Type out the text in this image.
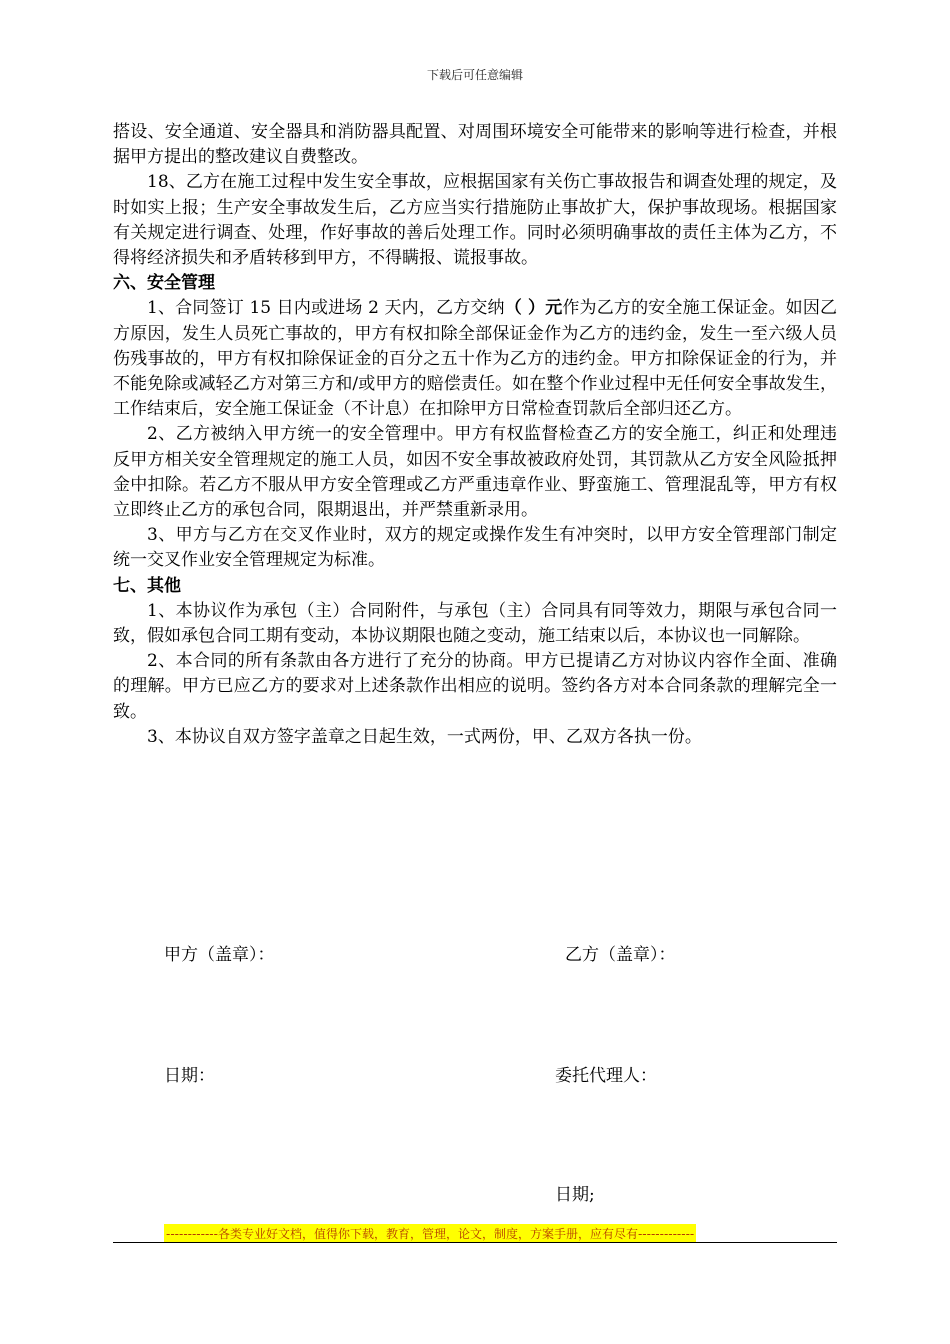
下载后可任意编辑

搭设、安全通道、安全器具和消防器具配置、对周围环境安全可能带来的影响等进行检查，并根据甲方提出的整改建议自费整改。

18、乙方在施工过程中发生安全事故，应根据国家有关伤亡事故报告和调查处理的规定，及时如实上报；生产安全事故发生后，乙方应当实行措施防止事故扩大，保护事故现场。根据国家有关规定进行调查、处理，作好事故的善后处理工作。同时必须明确事故的责任主体为乙方，不得将经济损失和矛盾转移到甲方，不得瞒报、谎报事故。

六、安全管理

1、合同签订 15 日内或进场 2 天内，乙方交纳（ ）元作为乙方的安全施工保证金。如因乙方原因，发生人员死亡事故的，甲方有权扣除全部保证金作为乙方的违约金，发生一至六级人员伤残事故的，甲方有权扣除保证金的百分之五十作为乙方的违约金。甲方扣除保证金的行为，并不能免除或减轻乙方对第三方和/或甲方的赔偿责任。如在整个作业过程中无任何安全事故发生，工作结束后，安全施工保证金（不计息）在扣除甲方日常检查罚款后全部归还乙方。

2、乙方被纳入甲方统一的安全管理中。甲方有权监督检查乙方的安全施工，纠正和处理违反甲方相关安全管理规定的施工人员，如因不安全事故被政府处罚，其罚款从乙方安全风险抵押金中扣除。若乙方不服从甲方安全管理或乙方严重违章作业、野蛮施工、管理混乱等，甲方有权立即终止乙方的承包合同，限期退出，并严禁重新录用。

3、甲方与乙方在交叉作业时，双方的规定或操作发生有冲突时，以甲方安全管理部门制定统一交叉作业安全管理规定为标准。

七、其他

1、本协议作为承包（主）合同附件，与承包（主）合同具有同等效力，期限与承包合同一致，假如承包合同工期有变动，本协议期限也随之变动，施工结束以后，本协议也一同解除。

2、本合同的所有条款由各方进行了充分的协商。甲方已提请乙方对协议内容作全面、准确的理解。甲方已应乙方的要求对上述条款作出相应的说明。签约各方对本合同条款的理解完全一致。

3、本协议自双方签字盖章之日起生效，一式两份，甲、乙双方各执一份。

甲方（盖章）：	乙方（盖章）：
日期：	委托代理人：
日期;
------------各类专业好文档，值得你下载，教育，管理，论文，制度，方案手册，应有尽有-------------
